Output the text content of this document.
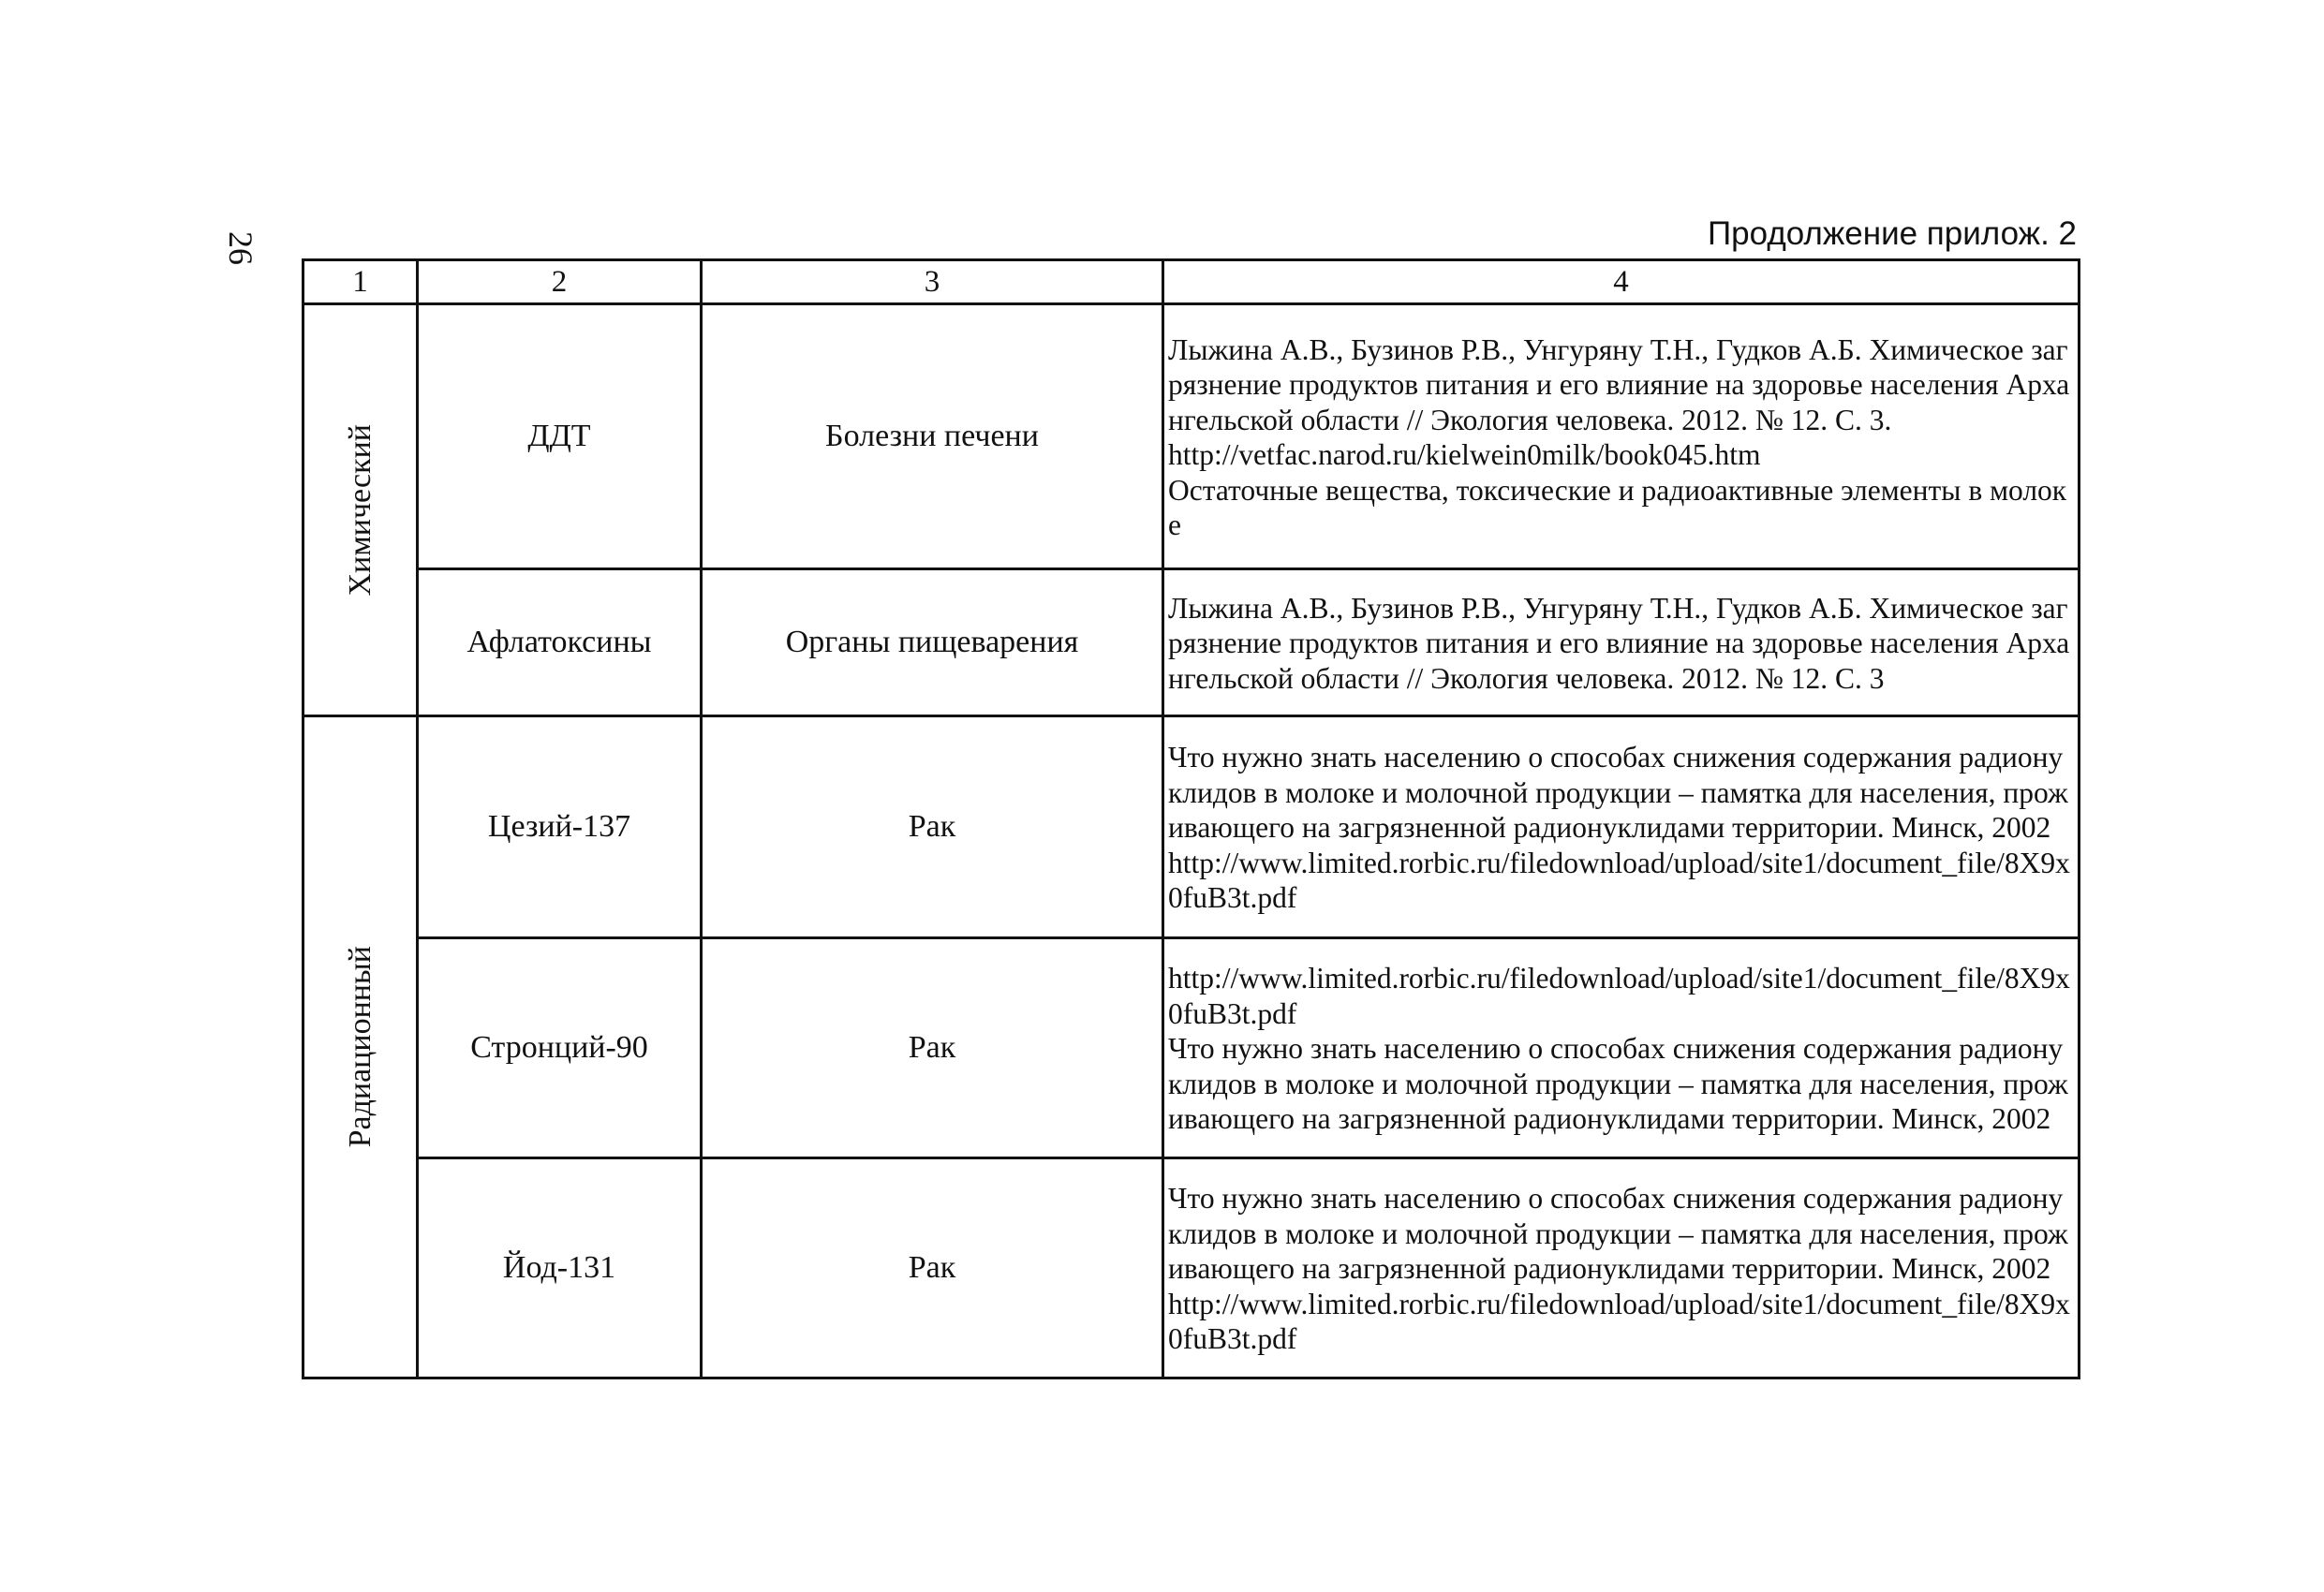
26	Продолжение прилож. 2
1	2	3	4

Химический	ДДТ	Болезни печени	Лыжина А.В., Бузинов Р.В., Унгуряну Т.Н., Гудков А.Б. Химическое загрязнение продуктов питания и его влияние на здоровье населения Архангельской области // Экология человека. 2012. № 12. С. 3.
http://vetfac.narod.ru/kielwein0milk/book045.htm
Остаточные вещества, токсические и радиоактивные элементы в молоке

	Афлатоксины	Органы пищеварения	Лыжина А.В., Бузинов Р.В., Унгуряну Т.Н., Гудков А.Б. Химическое загрязнение продуктов питания и его влияние на здоровье населения Архангельской области // Экология человека. 2012. № 12. С. 3

Радиационный	Цезий-137	Рак	Что нужно знать населению о способах снижения содержания радионуклидов в молоке и молочной продукции – памятка для населения, проживающего на загрязненной радионуклидами территории. Минск, 2002
http://www.limited.rorbic.ru/filedownload/upload/site1/document_file/8X9x0fuB3t.pdf

	Стронций-90	Рак	http://www.limited.rorbic.ru/filedownload/upload/site1/document_file/8X9x0fuB3t.pdf
Что нужно знать населению о способах снижения содержания радионуклидов в молоке и молочной продукции – памятка для населения, проживающего на загрязненной радионуклидами территории. Минск, 2002

	Йод-131	Рак	Что нужно знать населению о способах снижения содержания радионуклидов в молоке и молочной продукции – памятка для населения, проживающего на загрязненной радионуклидами территории. Минск, 2002
http://www.limited.rorbic.ru/filedownload/upload/site1/document_file/8X9x0fuB3t.pdf
